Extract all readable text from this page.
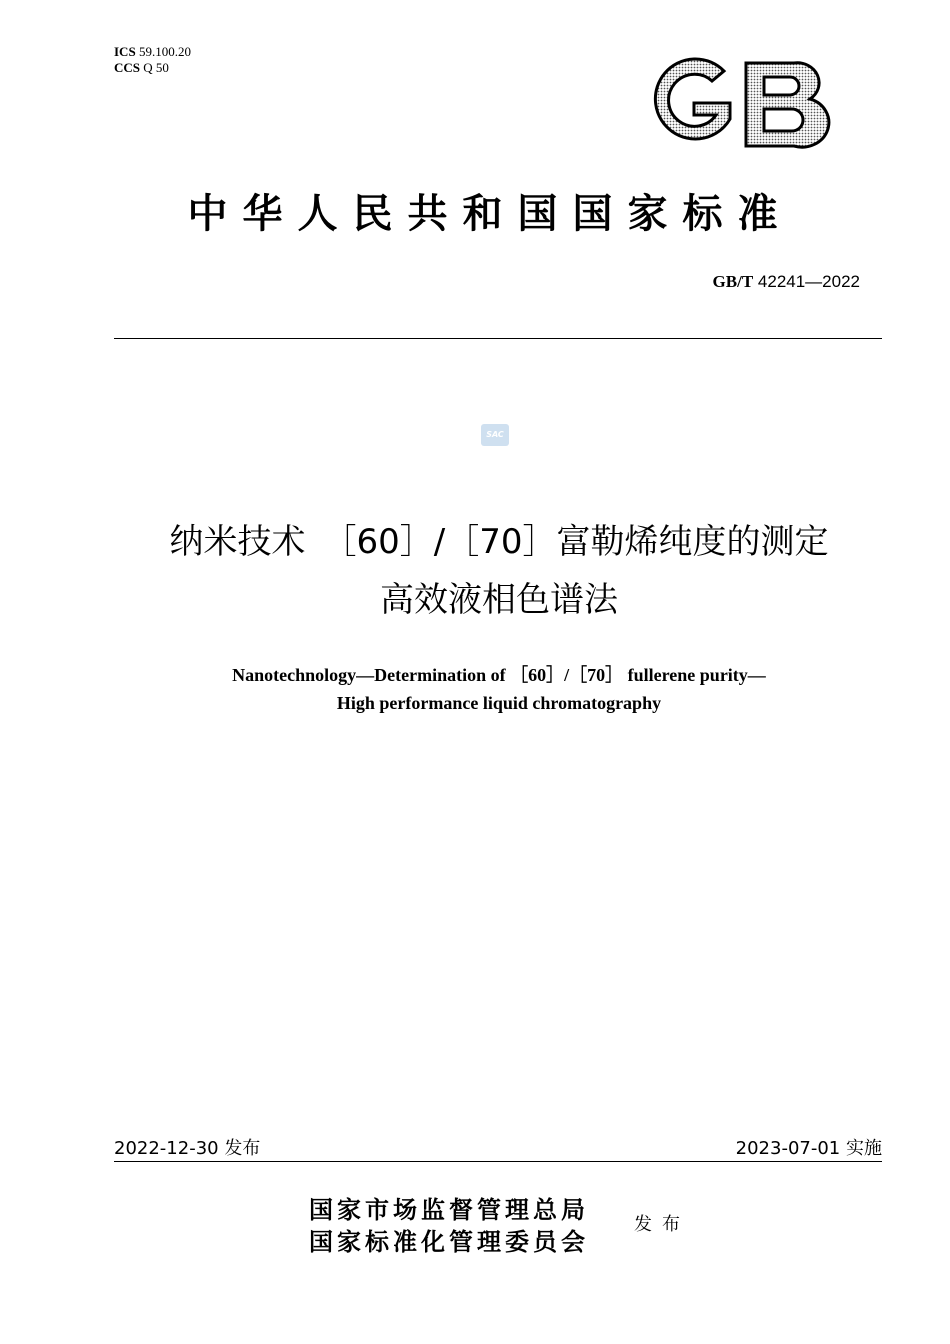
ICS 59.100.20
CCS Q 50
中华人民共和国国家标准
GB/T 42241—2022
SAC
纳米技术　［60］/［70］富勒烯纯度的测定
高效液相色谱法
Nanotechnology—Determination of ［60］/［70］ fullerene purity—
High performance liquid chromatography
2022-12-30 发布	2023-07-01 实施
国家市场监督管理总局
国家标准化管理委员会
发布
